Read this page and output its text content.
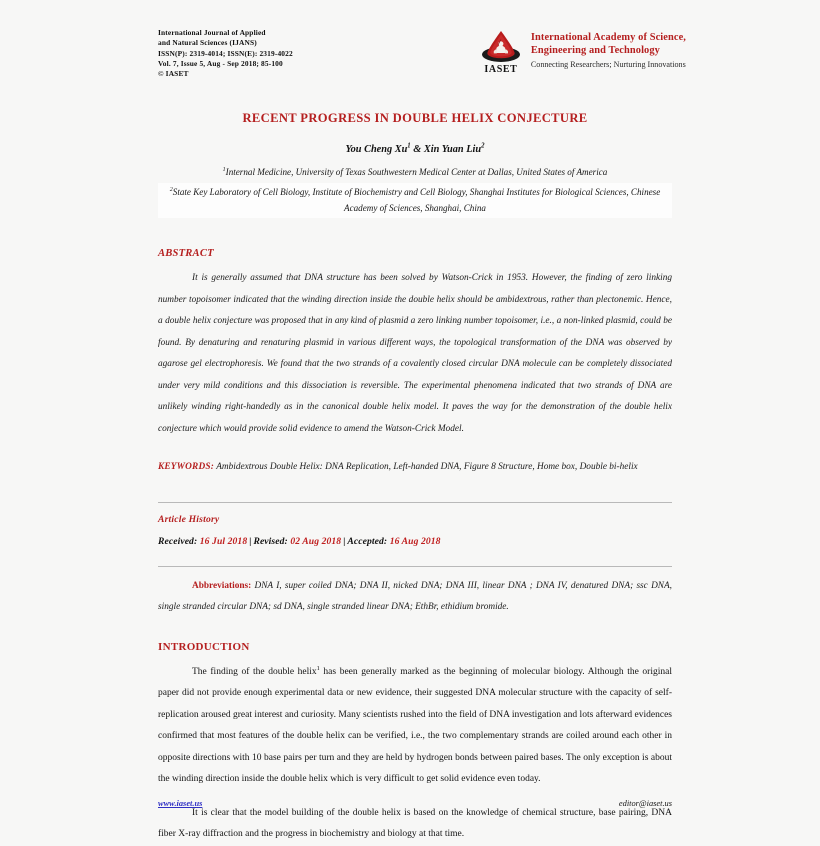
International Journal of Applied
and Natural Sciences (IJANS)
ISSN(P): 2319-4014; ISSN(E): 2319-4022
Vol. 7, Issue 5, Aug - Sep 2018; 85-100
© IASET	IASET
International Academy of Science,
Engineering and Technology
Connecting Researchers; Nurturing Innovations
RECENT PROGRESS IN DOUBLE HELIX CONJECTURE
You Cheng Xu$^1$ & Xin Yuan Liu$^2$
$^1$Internal Medicine, University of Texas Southwestern Medical Center at Dallas, United States of America
$^2$State Key Laboratory of Cell Biology, Institute of Biochemistry and Cell Biology, Shanghai Institutes for Biological Sciences, Chinese Academy of Sciences, Shanghai, China
ABSTRACT

It is generally assumed that DNA structure has been solved by Watson-Crick in 1953. However, the finding of zero linking number topoisomer indicated that the winding direction inside the double helix should be ambidextrous, rather than plectonemic. Hence, a double helix conjecture was proposed that in any kind of plasmid a zero linking number topoisomer, i.e., a non-linked plasmid, could be found. By denaturing and renaturing plasmid in various different ways, the topological transformation of the DNA was observed by agarose gel electrophoresis. We found that the two strands of a covalently closed circular DNA molecule can be completely dissociated under very mild conditions and this dissociation is reversible. The experimental phenomena indicated that two strands of DNA are unlikely winding right-handedly as in the canonical double helix model. It paves the way for the demonstration of the double helix conjecture which would provide solid evidence to amend the Watson-Crick Model.

KEYWORDS: Ambidextrous Double Helix: DNA Replication, Left-handed DNA, Figure 8 Structure, Home box, Double bi-helix

Article History
Received: 16 Jul 2018 | Revised: 02 Aug 2018 | Accepted: 16 Aug 2018

Abbreviations: DNA I, super coiled DNA; DNA II, nicked DNA; DNA III, linear DNA ; DNA IV, denatured DNA; ssc DNA, single stranded circular DNA; sd DNA, single stranded linear DNA; EthBr, ethidium bromide.

INTRODUCTION

The finding of the double helix$^1$ has been generally marked as the beginning of molecular biology. Although the original paper did not provide enough experimental data or new evidence, their suggested DNA molecular structure with the capacity of self-replication aroused great interest and curiosity. Many scientists rushed into the field of DNA investigation and lots afterward evidences confirmed that most features of the double helix can be verified, i.e., the two complementary strands are coiled around each other in opposite directions with 10 base pairs per turn and they are held by hydrogen bonds between paired bases. The only exception is about the winding direction inside the double helix which is very difficult to get solid evidence even today.

It is clear that the model building of the double helix is based on the knowledge of chemical structure, base pairing, DNA fiber X-ray diffraction and the progress in biochemistry and biology at that time.

www.iaset.us	editor@iaset.us
